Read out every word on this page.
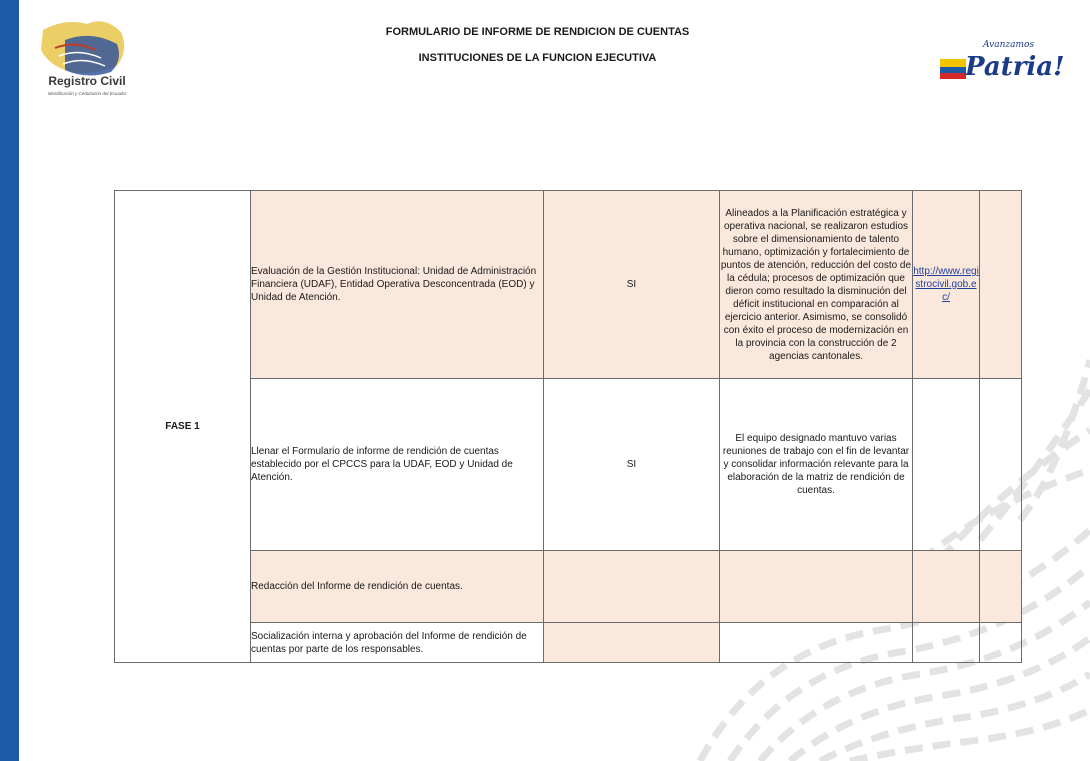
Registro Civil
Identificación y Cedulación del Ecuador
Avanzamos
Patria!
FORMULARIO DE INFORME DE RENDICION DE CUENTAS
INSTITUCIONES DE LA FUNCION EJECUTIVA
FASE 1	Evaluación de la Gestión Institucional: Unidad de Administración Financiera (UDAF), Entidad Operativa Desconcentrada (EOD) y Unidad de Atención.	SI	Alineados a la Planificación estratégica y operativa nacional, se realizaron estudios sobre el dimensionamiento de talento humano, optimización y fortalecimiento de puntos de atención, reducción del costo de la cédula; procesos de optimización que dieron como resultado la disminución del déficit institucional en comparación al ejercicio anterior. Asimismo, se consolidó con éxito el proceso de modernización en la provincia con la construcción de 2 agencias cantonales.	http://www.registrocivil.gob.ec/	
	Llenar el Formulario de informe de rendición de cuentas establecido por el CPCCS para la UDAF, EOD y Unidad de Atención.	SI	El equipo designado mantuvo varias reuniones de trabajo con el fin de levantar y consolidar información relevante para la elaboración de la matriz de rendición de cuentas.		
	Redacción del Informe de rendición de cuentas.				
	Socialización interna y aprobación del Informe de rendición de cuentas por parte de los responsables.				
